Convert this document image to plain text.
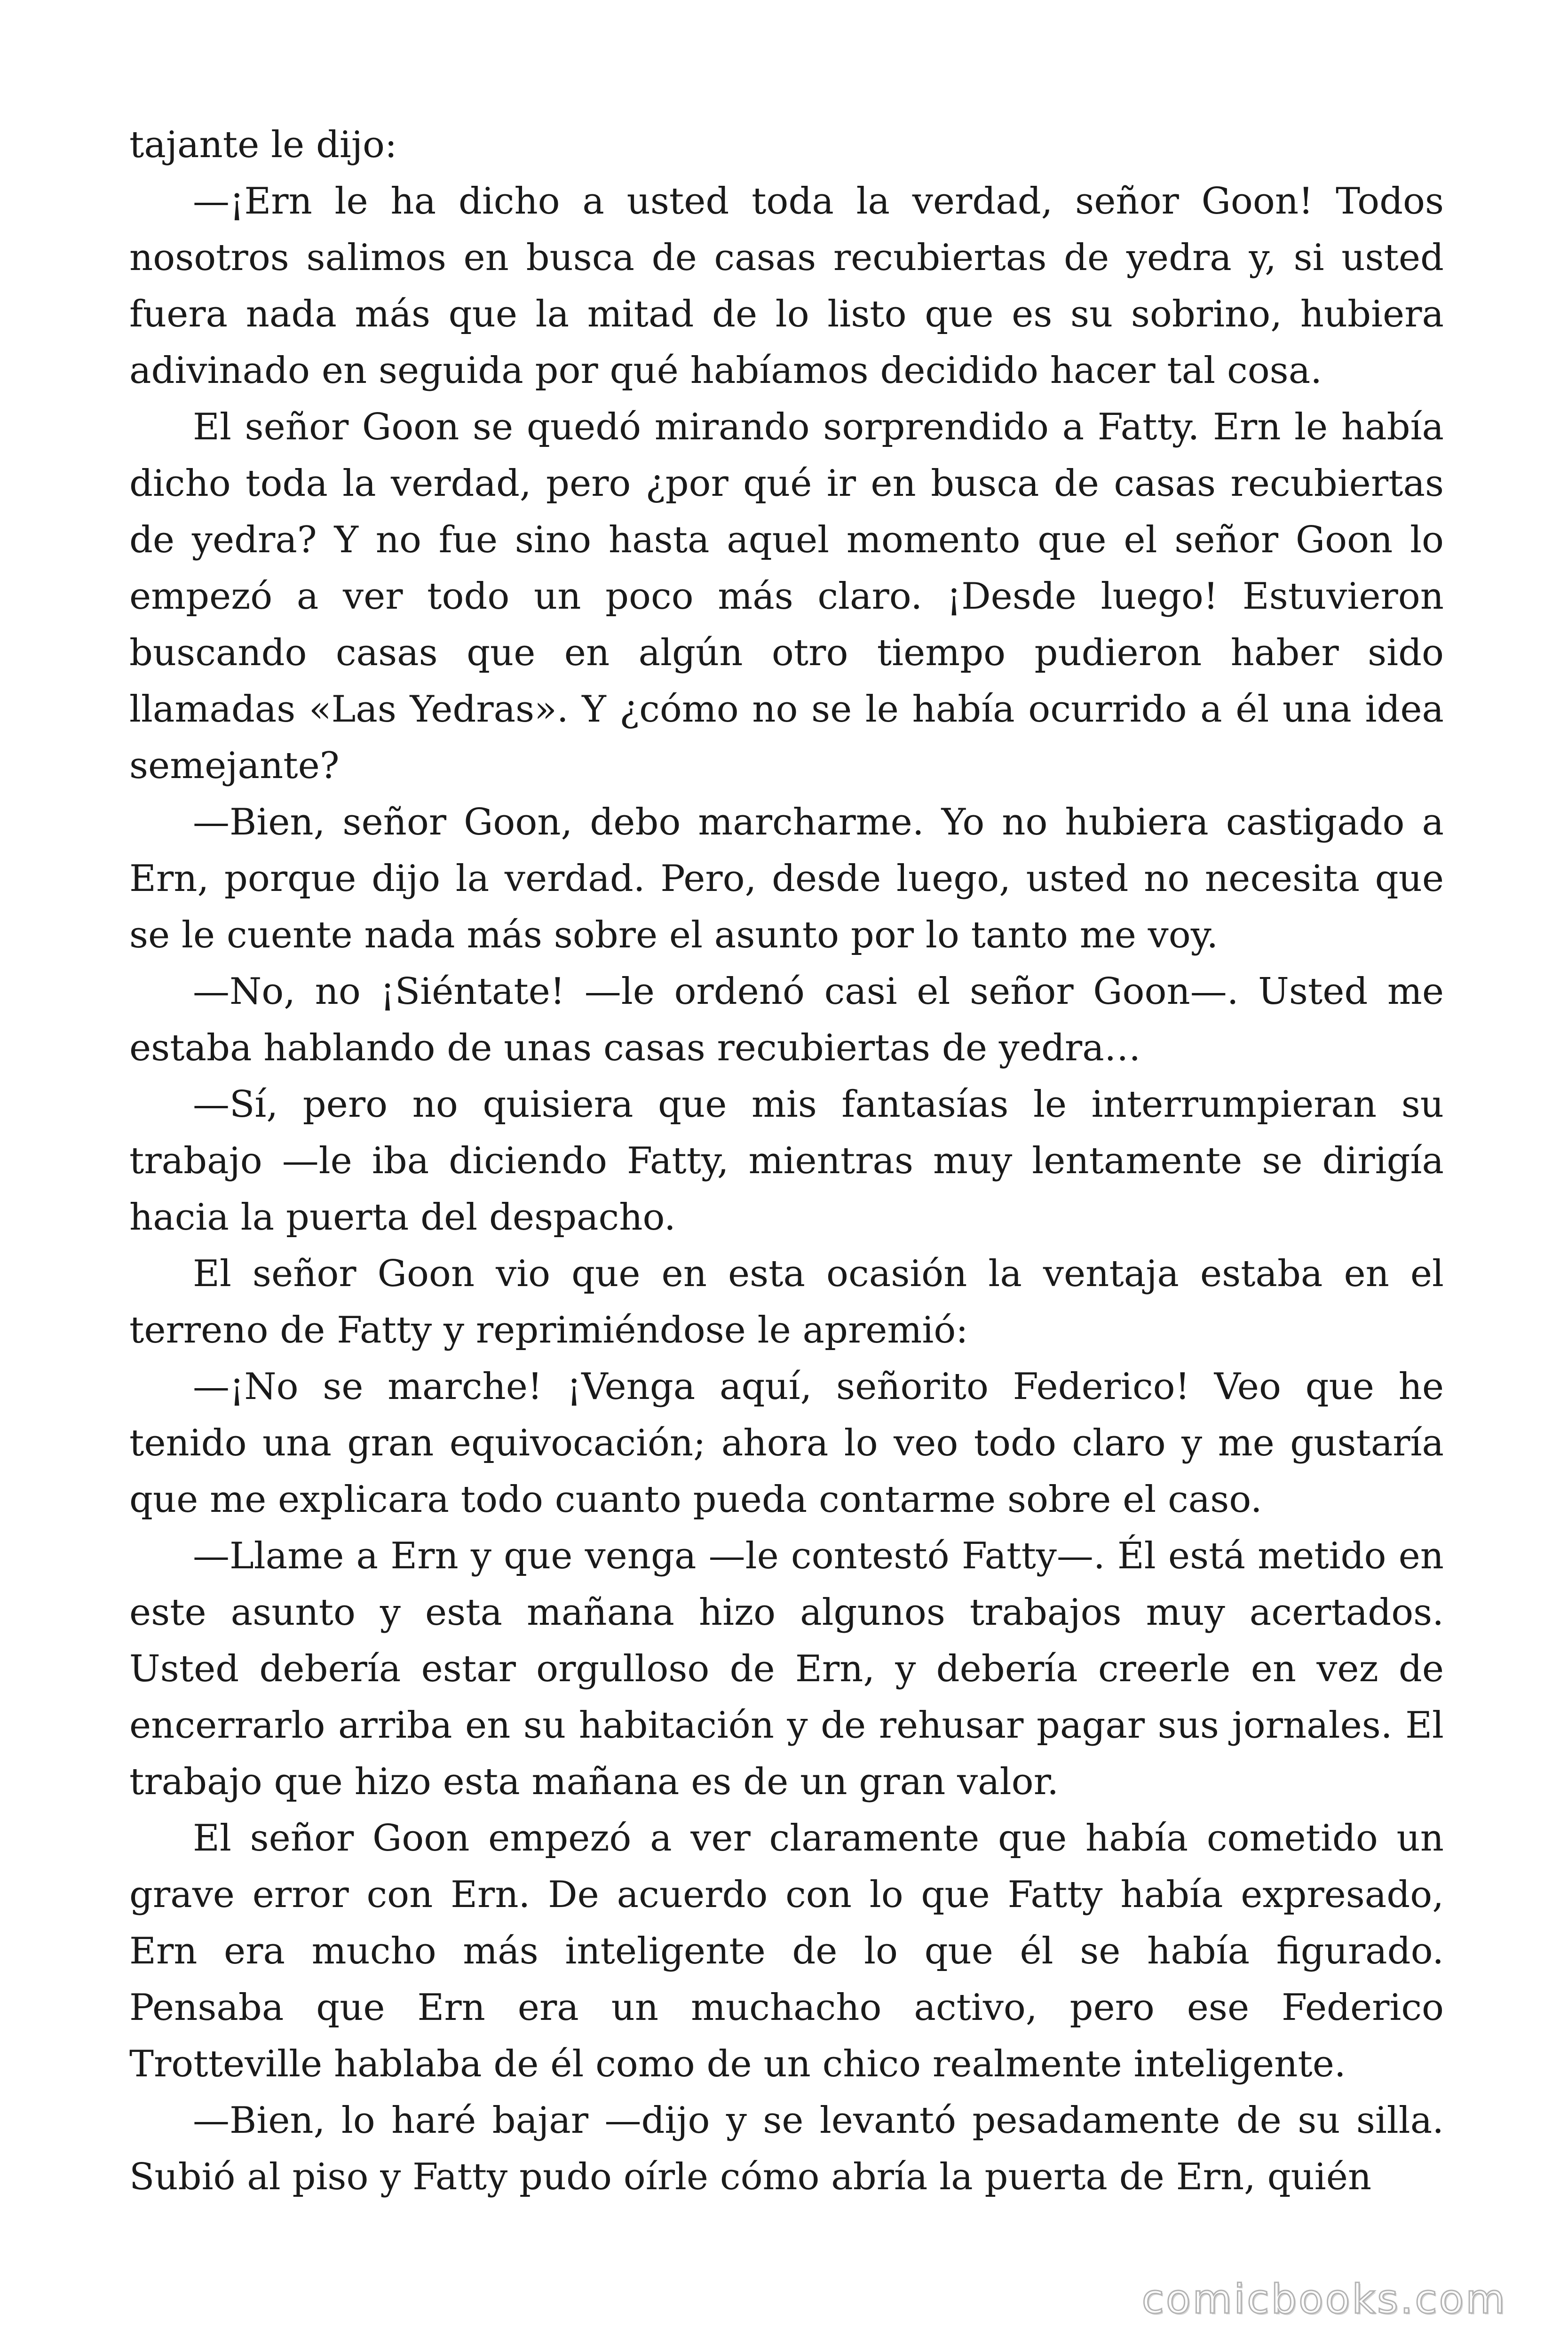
tajante le dijo:

—¡Ern le ha dicho a usted toda la verdad, señor Goon! Todos nosotros salimos en busca de casas recubiertas de yedra y, si usted fuera nada más que la mitad de lo listo que es su sobrino, hubiera adivinado en seguida por qué habíamos decidido hacer tal cosa.

El señor Goon se quedó mirando sorprendido a Fatty. Ern le había dicho toda la verdad, pero ¿por qué ir en busca de casas recubiertas de yedra? Y no fue sino hasta aquel momento que el señor Goon lo empezó a ver todo un poco más claro. ¡Desde luego! Estuvieron buscando casas que en algún otro tiempo pudieron haber sido llamadas «Las Yedras». Y ¿cómo no se le había ocurrido a él una idea semejante?

—Bien, señor Goon, debo marcharme. Yo no hubiera castigado a Ern, porque dijo la verdad. Pero, desde luego, usted no necesita que se le cuente nada más sobre el asunto por lo tanto me voy.

—No, no ¡Siéntate! —le ordenó casi el señor Goon—. Usted me estaba hablando de unas casas recubiertas de yedra…

—Sí, pero no quisiera que mis fantasías le interrumpieran su trabajo —le iba diciendo Fatty, mientras muy lentamente se dirigía hacia la puerta del despacho.

El señor Goon vio que en esta ocasión la ventaja estaba en el terreno de Fatty y reprimiéndose le apremió:

—¡No se marche! ¡Venga aquí, señorito Federico! Veo que he tenido una gran equivocación; ahora lo veo todo claro y me gustaría que me explicara todo cuanto pueda contarme sobre el caso.

—Llame a Ern y que venga —le contestó Fatty—. Él está metido en este asunto y esta mañana hizo algunos trabajos muy acertados. Usted debería estar orgulloso de Ern, y debería creerle en vez de encerrarlo arriba en su habitación y de rehusar pagar sus jornales. El trabajo que hizo esta mañana es de un gran valor.

El señor Goon empezó a ver claramente que había cometido un grave error con Ern. De acuerdo con lo que Fatty había expresado, Ern era mucho más inteligente de lo que él se había figurado. Pensaba que Ern era un muchacho activo, pero ese Federico Trotteville hablaba de él como de un chico realmente inteligente.

—Bien, lo haré bajar —dijo y se levantó pesadamente de su silla. Subió al piso y Fatty pudo oírle cómo abría la puerta de Ern, quién

comicbooks.com
